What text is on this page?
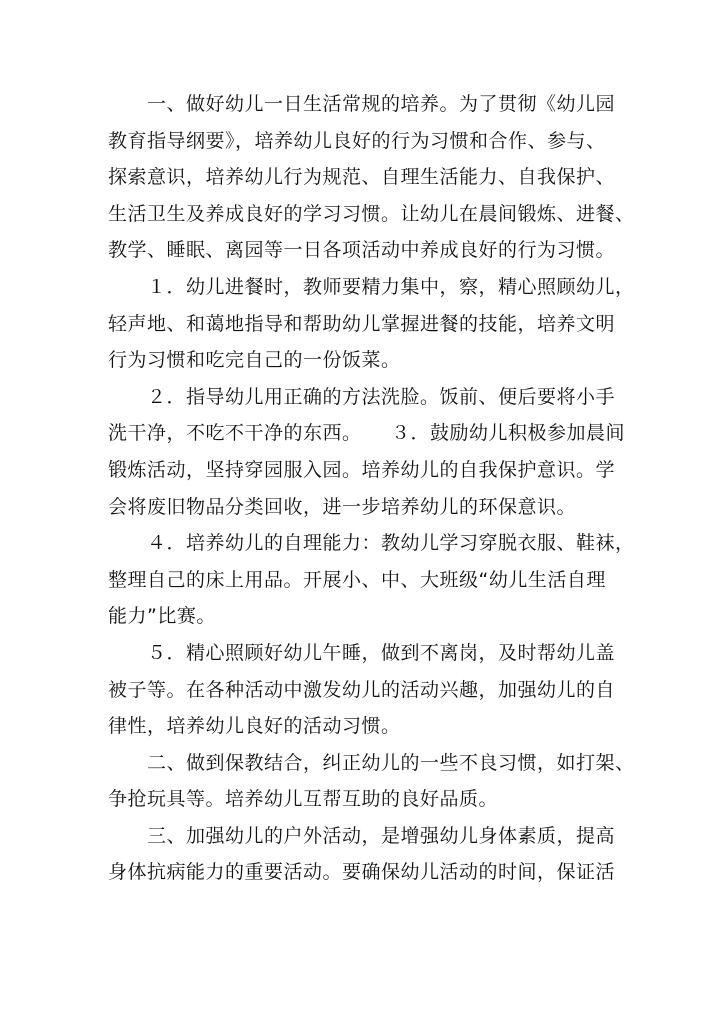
　　一、做好幼儿一日生活常规的培养。为了贯彻《幼儿园
教育指导纲要》，培养幼儿良好的行为习惯和合作、参与、
探索意识，培养幼儿行为规范、自理生活能力、自我保护、
生活卫生及养成良好的学习习惯。让幼儿在晨间锻炼、进餐、
教学、睡眠、离园等一日各项活动中养成良好的行为习惯。
　　１．幼儿进餐时，教师要精力集中，察，精心照顾幼儿，
轻声地、和蔼地指导和帮助幼儿掌握进餐的技能，培养文明
行为习惯和吃完自己的一份饭菜。
　　２．指导幼儿用正确的方法洗脸。饭前、便后要将小手
洗干净，不吃不干净的东西。　　３．鼓励幼儿积极参加晨间
锻炼活动，坚持穿园服入园。培养幼儿的自我保护意识。学
会将废旧物品分类回收，进一步培养幼儿的环保意识。
　　４．培养幼儿的自理能力：教幼儿学习穿脱衣服、鞋袜，
整理自己的床上用品。开展小、中、大班级“幼儿生活自理
能力”比赛。
　　５．精心照顾好幼儿午睡，做到不离岗，及时帮幼儿盖
被子等。在各种活动中激发幼儿的活动兴趣，加强幼儿的自
律性，培养幼儿良好的活动习惯。
　　二、做到保教结合，纠正幼儿的一些不良习惯，如打架、
争抢玩具等。培养幼儿互帮互助的良好品质。
　　三、加强幼儿的户外活动，是增强幼儿身体素质，提高
身体抗病能力的重要活动。要确保幼儿活动的时间，保证活
